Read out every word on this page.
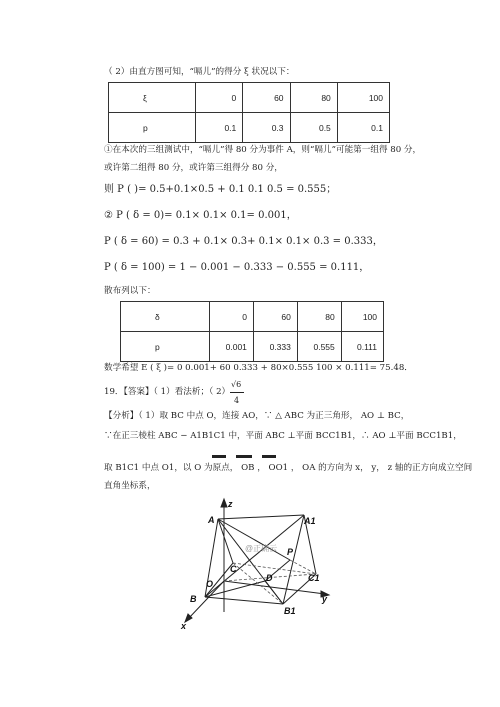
（ 2）由直方图可知，“嗝儿”的得分 ξ 状况以下：
ξ	0	60	80	100
p	0.1	0.3	0.5	0.1
①在本次的三组测试中，“嗝儿”得 80 分为事件 A，则“嗝儿”可能第一组得 80 分，
或许第二组得 80 分，或许第三组得分 80 分，
则 P ( )= 0.5+0.1×0.5 + 0.1 0.1 0.5 = 0.555；
② P ( δ = 0)= 0.1× 0.1× 0.1= 0.001，
P ( δ = 60) = 0.3 + 0.1× 0.3+ 0.1× 0.1× 0.3 = 0.333，
P ( δ = 100) = 1 − 0.001 − 0.333 − 0.555 = 0.111，
散布列以下：
δ	0	60	80	100
p	0.001	0.333	0.555	0.111
数学希望 E ( ξ )= 0 0.001+ 60 0.333 + 80×0.555 100 × 0.111= 75.48．
19．【答案】（ 1）看法析；（ 2）
√6
4
【分析】（ 1）取 BC 中点 O，连接 AO，∵ △ ABC 为正三角形， AO ⊥ BC，
∵在正三棱柱 ABC − A1B1C1 中，平面 ABC ⊥平面 BCC1B1，∴ AO ⊥平面 BCC1B1，
取 B1C1 中点 O1，以 O 为原点， OB ， OO1 ， OA 的方向为 x， y， z 轴的正方向成立空间
直角坐标系，
z
A	A1
P
C
D	C1
O
B	y
B1
x
@正确云
